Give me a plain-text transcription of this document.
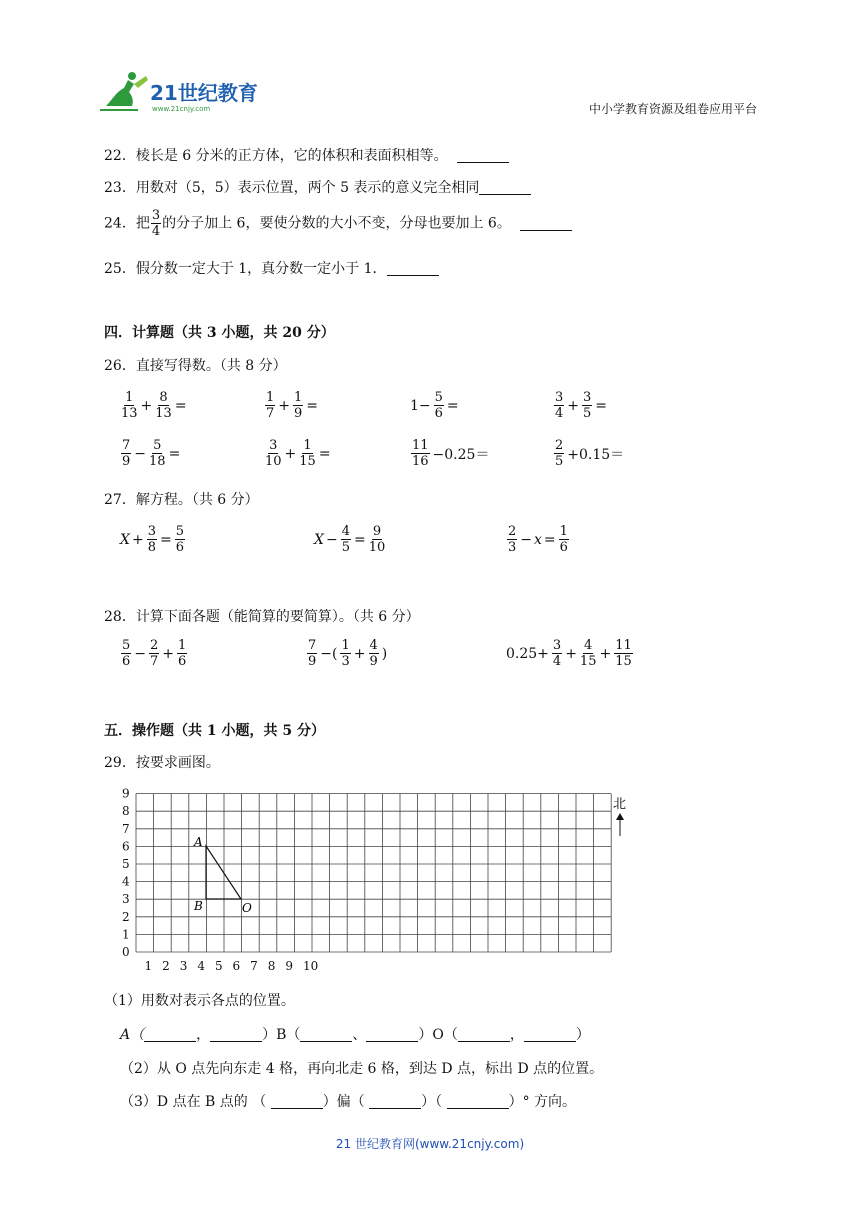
21世纪教育
www.21cnjy.com	中小学教育资源及组卷应用平台
22．棱长是 6 分米的正方体，它的体积和表面积相等。
23．用数对（5，5）表示位置，两个 5 表示的意义完全相同
24．把 $\frac{3}{4}$ 的分子加上 6，要使分数的大小不变，分母也要加上 6。
25．假分数一定大于 1，真分数一定小于 1．
四．计算题（共 3 小题，共 20 分）
26．直接写得数。（共 8 分）
$\frac{1}{13} + \frac{8}{13}$ =	$\frac{1}{7} + \frac{1}{9}$ =	$1- \frac{5}{6}$ =	$\frac{3}{4} + \frac{3}{5}$ =
$\frac{7}{9} - \frac{5}{18}$ =	$\frac{3}{10} + \frac{1}{15}$ =	$\frac{11}{16} -0.25=$	$\frac{2}{5} +0.15=$
27．解方程。（共 6 分）
$X + \frac{3}{8} = \frac{5}{6}$	$X - \frac{4}{5} = \frac{9}{10}$	$\frac{2}{3} - x = \frac{1}{6}$
28．计算下面各题（能简算的要简算）。（共 6 分）
$\frac{5}{6} - \frac{2}{7} + \frac{1}{6}$	$\frac{7}{9}$ −( $\frac{1}{3} + \frac{4}{9}$ )	$0.25+ \frac{3}{4} + \frac{4}{15} + \frac{11}{15}$
五．操作题（共 1 小题，共 5 分）
29．按要求画图。
0
1
2
3
4
5
6
7
8
9
1 2 3 4 5 6 7 8 9 10
A
B	O
北
（1）用数对表示各点的位置。
A（	，	）B（	、	）O（	，	）
（2）从 O 点先向东走 4 格，再向北走 6 格，到达 D 点，标出 D 点的位置。
（3）D 点在 B 点的 （	）偏（	）（	）° 方向。
21 世纪教育网(www.21cnjy.com)
